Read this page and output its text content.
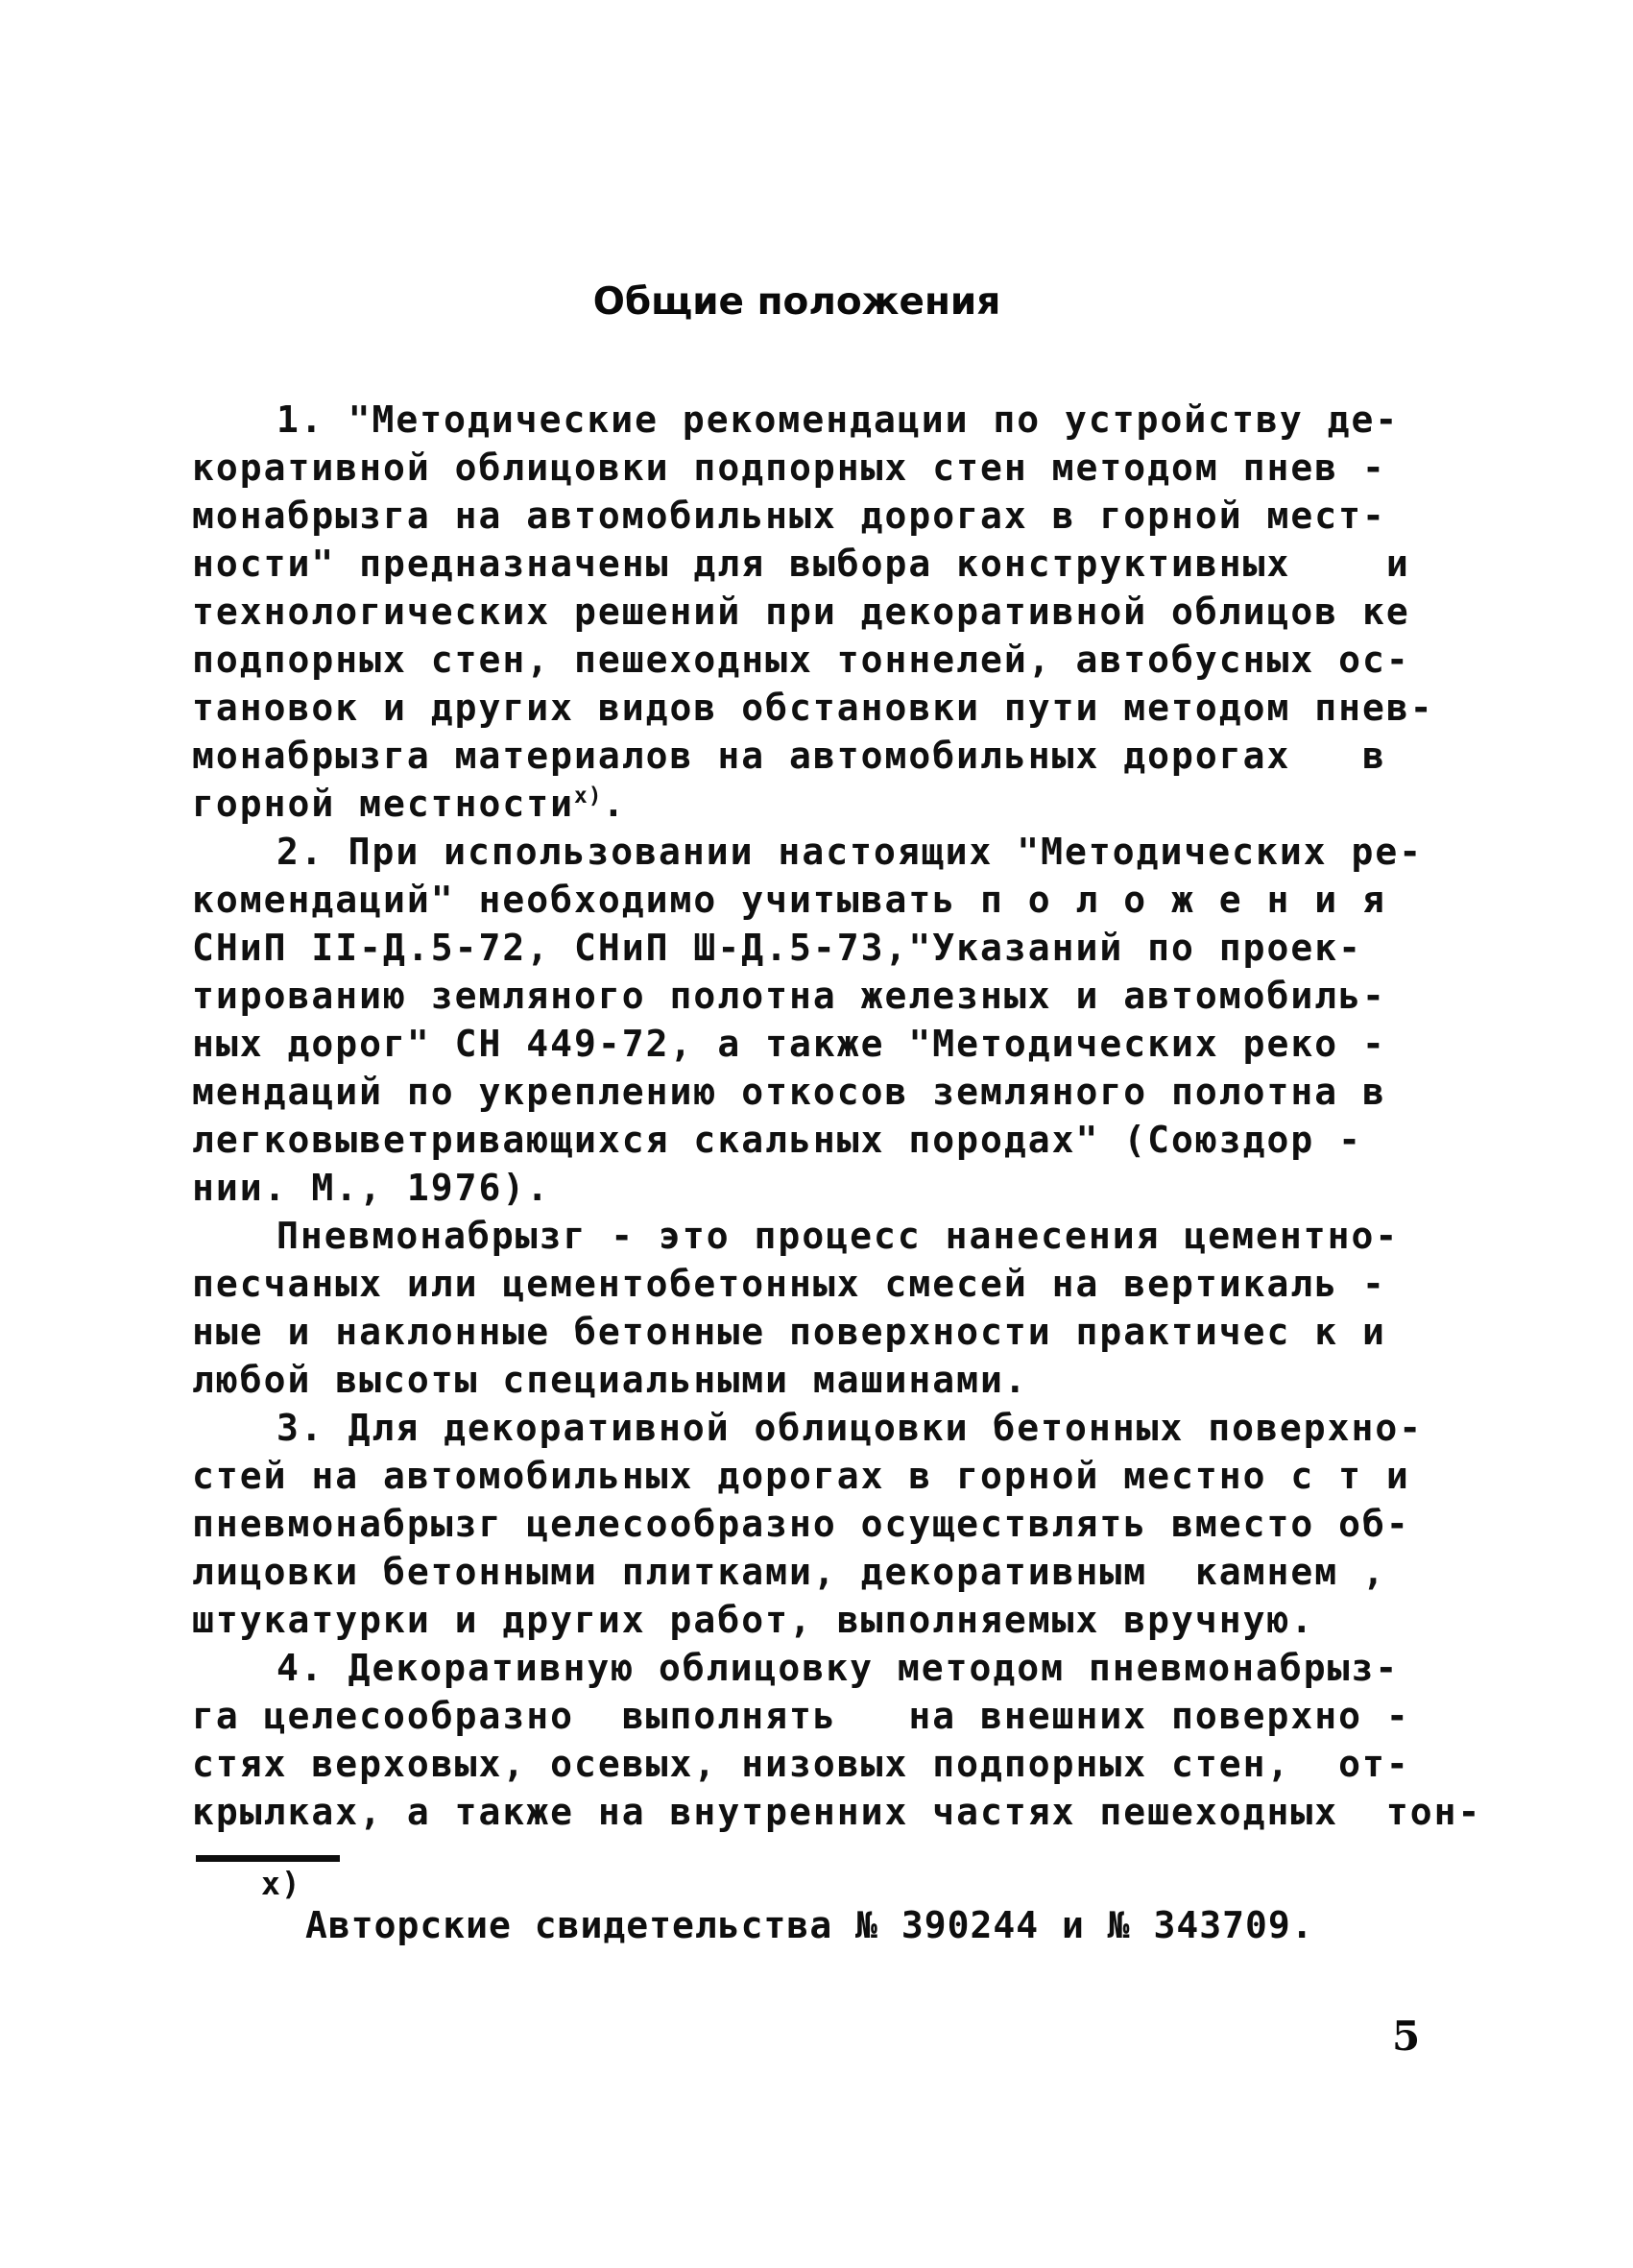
Общие положения
1. "Методические рекомендации по устройству де-
коративной облицовки подпорных стен методом пнев -
монабрызга на автомобильных дорогах в горной мест-
ности" предназначены для выбора конструктивных    и
технологических решений при декоративной облицов ке
подпорных стен, пешеходных тоннелей, автобусных ос-
тановок и других видов обстановки пути методом пнев-
монабрызга материалов на автомобильных дорогах   в
горной местности$^{х)}$.
2. При использовании настоящих "Методических ре-
комендаций" необходимо учитывать п о л о ж е н и я
СНиП II-Д.5-72, СНиП Ш-Д.5-73,"Указаний по проек-
тированию земляного полотна железных и автомобиль-
ных дорог" СН 449-72, а также "Методических реко -
мендаций по укреплению откосов земляного полотна в
легковыветривающихся скальных породах" (Союздор -
нии. М., 1976).
Пневмонабрызг - это процесс нанесения цементно-
песчаных или цементобетонных смесей на вертикаль -
ные и наклонные бетонные поверхности практичес к и
любой высоты специальными машинами.
3. Для декоративной облицовки бетонных поверхно-
стей на автомобильных дорогах в горной местно с т и
пневмонабрызг целесообразно осуществлять вместо об-
лицовки бетонными плитками, декоративным  камнем ,
штукатурки и других работ, выполняемых вручную.
4. Декоративную облицовку методом пневмонабрыз-
га целесообразно  выполнять   на внешних поверхно -
стях верховых, осевых, низовых подпорных стен,  от-
крылках, а также на внутренних частях пешеходных  тон-
х)
Авторские свидетельства № 390244 и № 343709.
5
